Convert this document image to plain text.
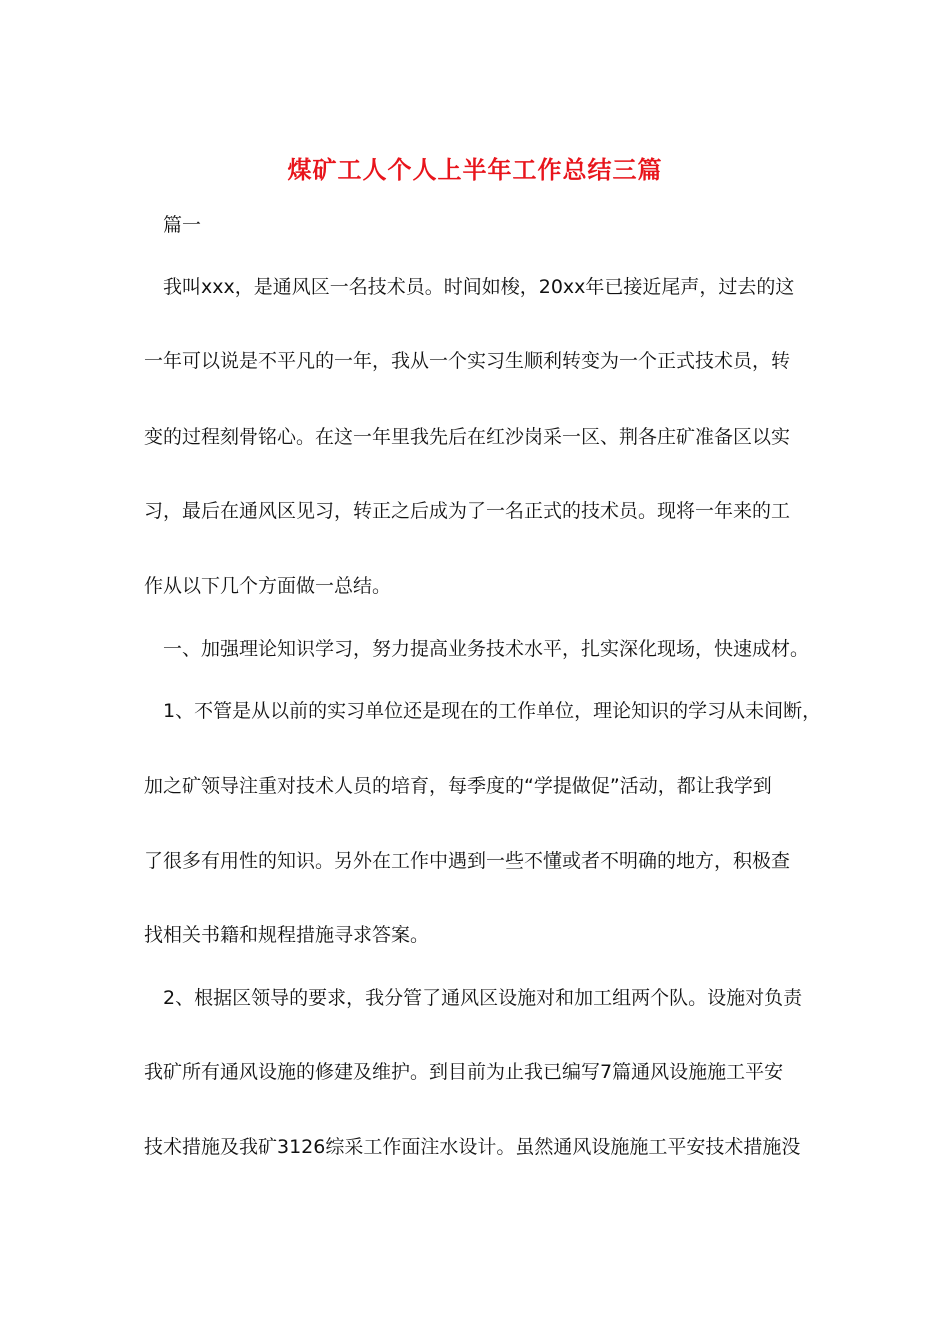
煤矿工人个人上半年工作总结三篇
篇一
我叫xxx，是通风区一名技术员。时间如梭，20xx年已接近尾声，过去的这
一年可以说是不平凡的一年，我从一个实习生顺利转变为一个正式技术员，转
变的过程刻骨铭心。在这一年里我先后在红沙岗采一区、荆各庄矿准备区以实
习，最后在通风区见习，转正之后成为了一名正式的技术员。现将一年来的工
作从以下几个方面做一总结。
一、加强理论知识学习，努力提高业务技术水平，扎实深化现场，快速成材。
1、不管是从以前的实习单位还是现在的工作单位，理论知识的学习从未间断，
加之矿领导注重对技术人员的培育，每季度的“学提做促”活动，都让我学到
了很多有用性的知识。另外在工作中遇到一些不懂或者不明确的地方，积极查
找相关书籍和规程措施寻求答案。
2、根据区领导的要求，我分管了通风区设施对和加工组两个队。设施对负责
我矿所有通风设施的修建及维护。到目前为止我已编写7篇通风设施施工平安
技术措施及我矿3126综采工作面注水设计。虽然通风设施施工平安技术措施没
